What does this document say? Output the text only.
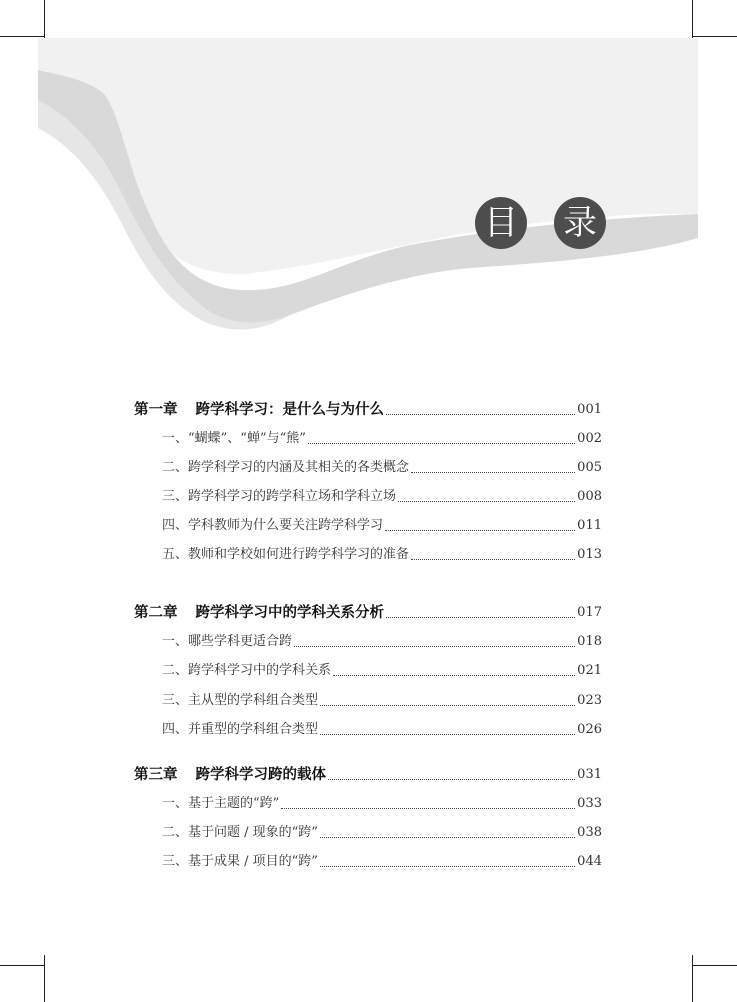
目 录
第一章 跨学科学习：是什么与为什么	001
一、“蝴蝶”、“蝉”与“熊”	002
二、跨学科学习的内涵及其相关的各类概念	005
三、跨学科学习的跨学科立场和学科立场	008
四、学科教师为什么要关注跨学科学习	011
五、教师和学校如何进行跨学科学习的准备	013
第二章 跨学科学习中的学科关系分析	017
一、哪些学科更适合跨	018
二、跨学科学习中的学科关系	021
三、主从型的学科组合类型	023
四、并重型的学科组合类型	026
第三章 跨学科学习跨的载体	031
一、基于主题的“跨”	033
二、基于问题 / 现象的“跨”	038
三、基于成果 / 项目的“跨”	044
